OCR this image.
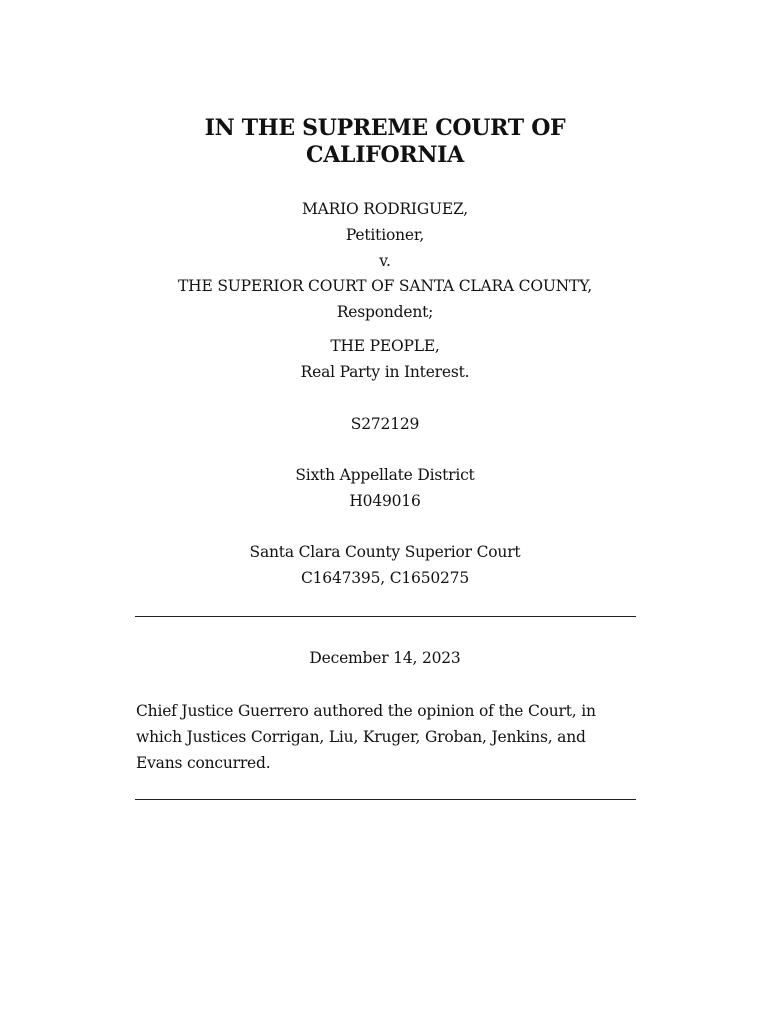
IN THE SUPREME COURT OF
CALIFORNIA
MARIO RODRIGUEZ,
Petitioner,
v.
THE SUPERIOR COURT OF SANTA CLARA COUNTY,
Respondent;
THE PEOPLE,
Real Party in Interest.
S272129
Sixth Appellate District
H049016
Santa Clara County Superior Court
C1647395, C1650275
December 14, 2023
Chief Justice Guerrero authored the opinion of the Court, in
which Justices Corrigan, Liu, Kruger, Groban, Jenkins, and
Evans concurred.
